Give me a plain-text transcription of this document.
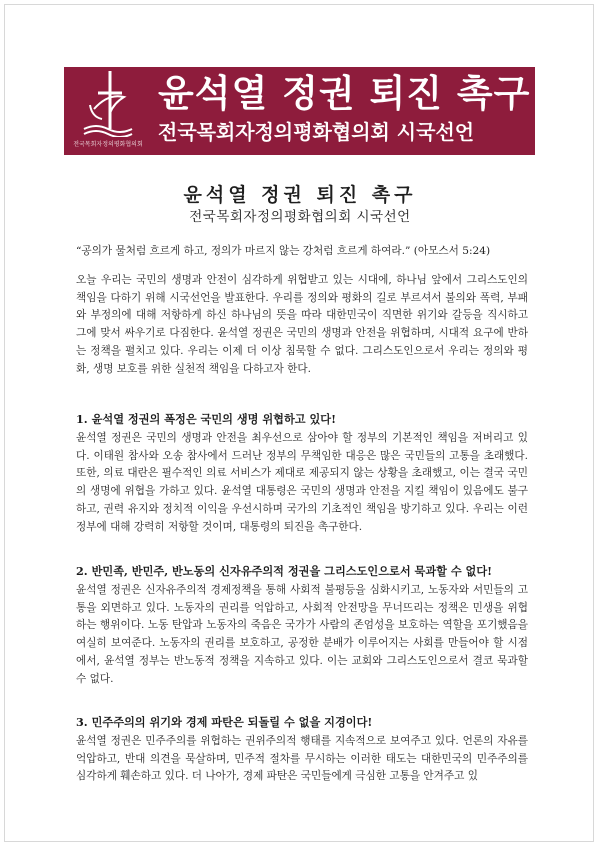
전국목회자정의평화협의회
윤석열 정권 퇴진 촉구
전국목회자정의평화협의회 시국선언
윤석열 정권 퇴진 촉구
전국목회자정의평화협의회 시국선언
“공의가 물처럼 흐르게 하고, 정의가 마르지 않는 강처럼 흐르게 하여라.” (아모스서 5:24)
오늘 우리는 국민의 생명과 안전이 심각하게 위협받고 있는 시대에, 하나님 앞에서 그리스도인의 책임을 다하기 위해 시국선언을 발표한다. 우리를 정의와 평화의 길로 부르셔서 불의와 폭력, 부패와 부정의에 대해 저항하게 하신 하나님의 뜻을 따라 대한민국이 직면한 위기와 갈등을 직시하고 그에 맞서 싸우기로 다짐한다. 윤석열 정권은 국민의 생명과 안전을 위협하며, 시대적 요구에 반하는 정책을 펼치고 있다. 우리는 이제 더 이상 침묵할 수 없다. 그리스도인으로서 우리는 정의와 평화, 생명 보호를 위한 실천적 책임을 다하고자 한다.
1. 윤석열 정권의 폭정은 국민의 생명 위협하고 있다!
윤석열 정권은 국민의 생명과 안전을 최우선으로 삼아야 할 정부의 기본적인 책임을 저버리고 있다. 이태원 참사와 오송 참사에서 드러난 정부의 무책임한 대응은 많은 국민들의 고통을 초래했다. 또한, 의료 대란은 필수적인 의료 서비스가 제대로 제공되지 않는 상황을 초래했고, 이는 결국 국민의 생명에 위협을 가하고 있다. 윤석열 대통령은 국민의 생명과 안전을 지킬 책임이 있음에도 불구하고, 권력 유지와 정치적 이익을 우선시하며 국가의 기초적인 책임을 방기하고 있다. 우리는 이런 정부에 대해 강력히 저항할 것이며, 대통령의 퇴진을 촉구한다.
2. 반민족, 반민주, 반노동의 신자유주의적 정권을 그리스도인으로서 묵과할 수 없다!
윤석열 정권은 신자유주의적 경제정책을 통해 사회적 불평등을 심화시키고, 노동자와 서민들의 고통을 외면하고 있다. 노동자의 권리를 억압하고, 사회적 안전망을 무너뜨리는 정책은 민생을 위협하는 행위이다. 노동 탄압과 노동자의 죽음은 국가가 사람의 존엄성을 보호하는 역할을 포기했음을 여실히 보여준다. 노동자의 권리를 보호하고, 공정한 분배가 이루어지는 사회를 만들어야 할 시점에서, 윤석열 정부는 반노동적 정책을 지속하고 있다. 이는 교회와 그리스도인으로서 결코 묵과할 수 없다.
3. 민주주의의 위기와 경제 파탄은 되돌릴 수 없을 지경이다!
윤석열 정권은 민주주의를 위협하는 권위주의적 행태를 지속적으로 보여주고 있다. 언론의 자유를 억압하고, 반대 의견을 묵살하며, 민주적 절차를 무시하는 이러한 태도는 대한민국의 민주주의를 심각하게 훼손하고 있다. 더 나아가, 경제 파탄은 국민들에게 극심한 고통을 안겨주고 있
